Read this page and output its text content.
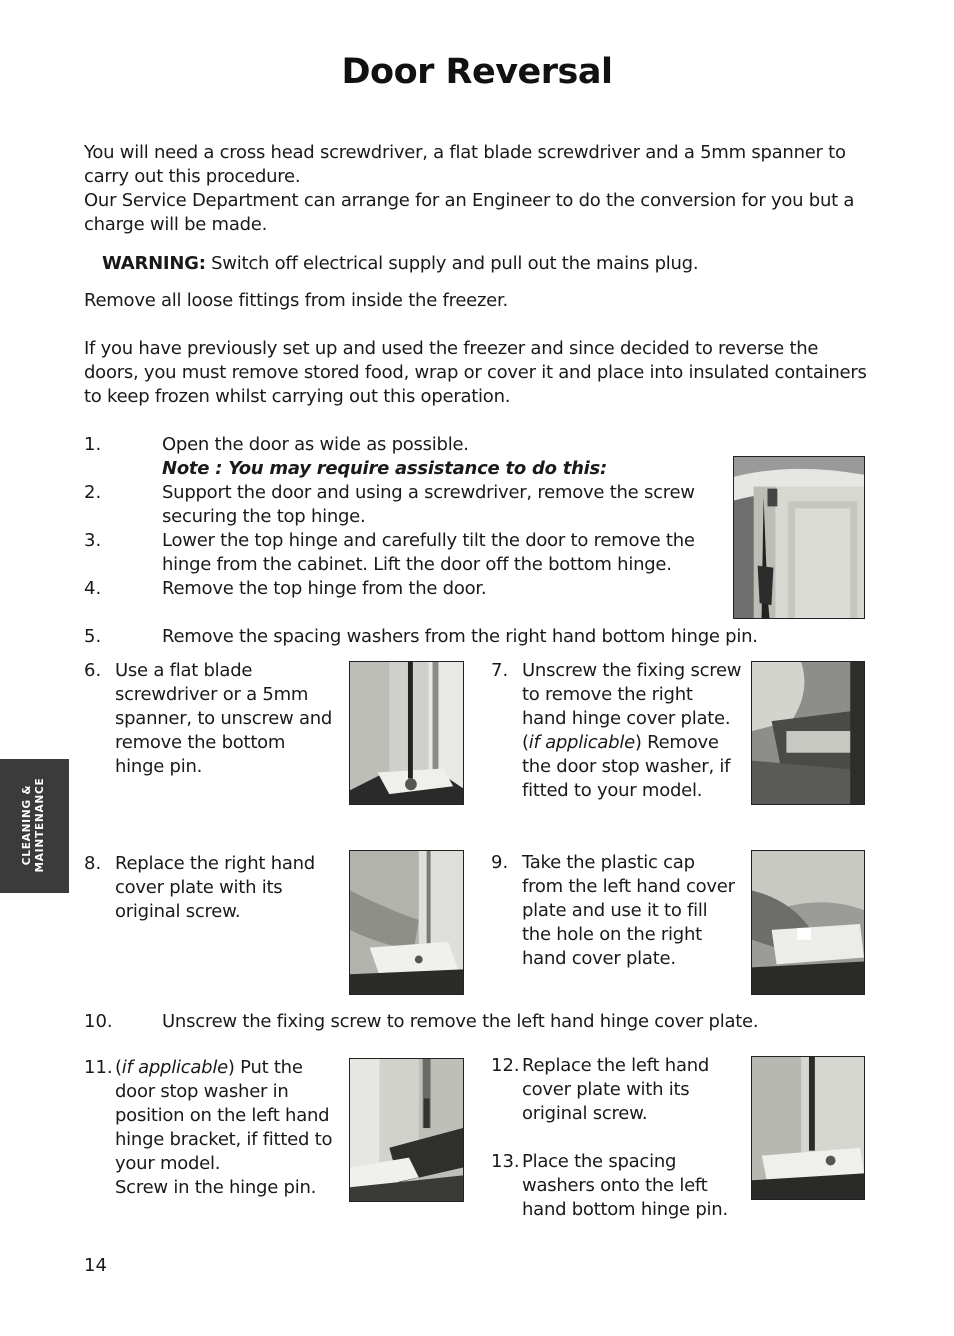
Door Reversal

You will need a cross head screwdriver, a flat blade screwdriver and a 5mm spanner to carry out this procedure.

Our Service Department can arrange for an Engineer to do the conversion for you but a charge will be made.

WARNING: Switch off electrical supply and pull out the mains plug.
Remove all loose fittings from inside the freezer.
If you have previously set up and used the freezer and since decided to reverse the doors, you must remove stored food, wrap or cover it and place into insulated containers to keep frozen whilst carrying out this operation.
1.	Open the door as wide as possible.
Note : You may require assistance to do this:
2.	Support the door and using a screwdriver, remove the screw securing the top hinge.
3.	Lower the top hinge and carefully tilt the door to remove the hinge from the cabinet. Lift the door off the bottom hinge.
4.	Remove the top hinge from the door.
5.	Remove the spacing washers from the right hand bottom hinge pin.
6. Use a flat blade screwdriver or a 5mm spanner, to unscrew and remove the bottom hinge pin.
7. Unscrew the fixing screw to remove the right hand hinge cover plate.
(if applicable) Remove the door stop washer, if fitted to your model.
8. Replace the right hand cover plate with its original screw.
9. Take the plastic cap from the left hand cover plate and use it to fill the hole on the right hand cover plate.
10.	Unscrew the fixing screw to remove the left hand hinge cover plate.
11. (if applicable) Put the door stop washer in position on the left hand hinge bracket, if fitted to your model.
Screw in the hinge pin.
12. Replace the left hand cover plate with its original screw.
13. Place the spacing washers onto the left hand bottom hinge pin.
CLEANING & MAINTENANCE
14
